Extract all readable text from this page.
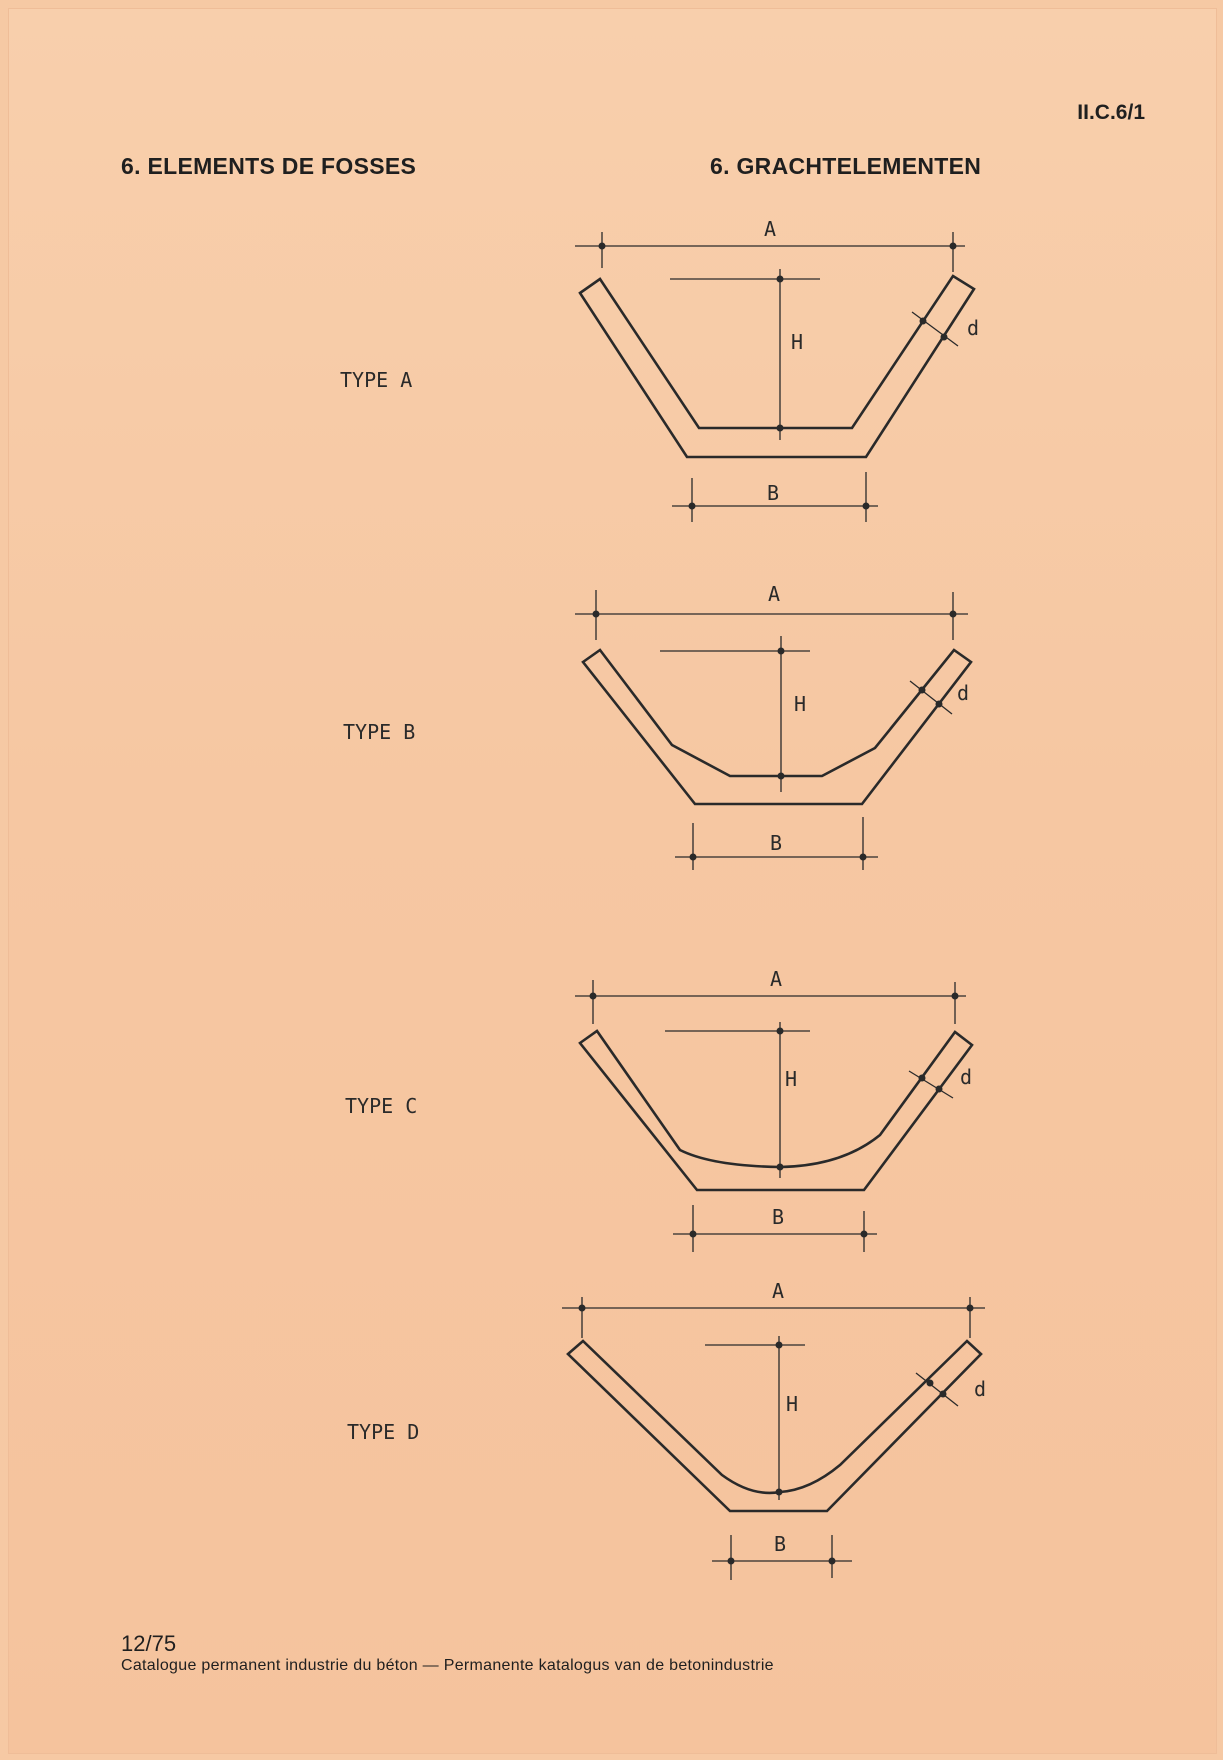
II.C.6/1
6. ELEMENTS DE FOSSES	6. GRACHTELEMENTEN
TYPE A
TYPE B
TYPE C
TYPE D
A
H
d
B
A
H	d
B
A
H	d
B
A
H
d
B
12/75
Catalogue permanent industrie du béton — Permanente katalogus van de betonindustrie
